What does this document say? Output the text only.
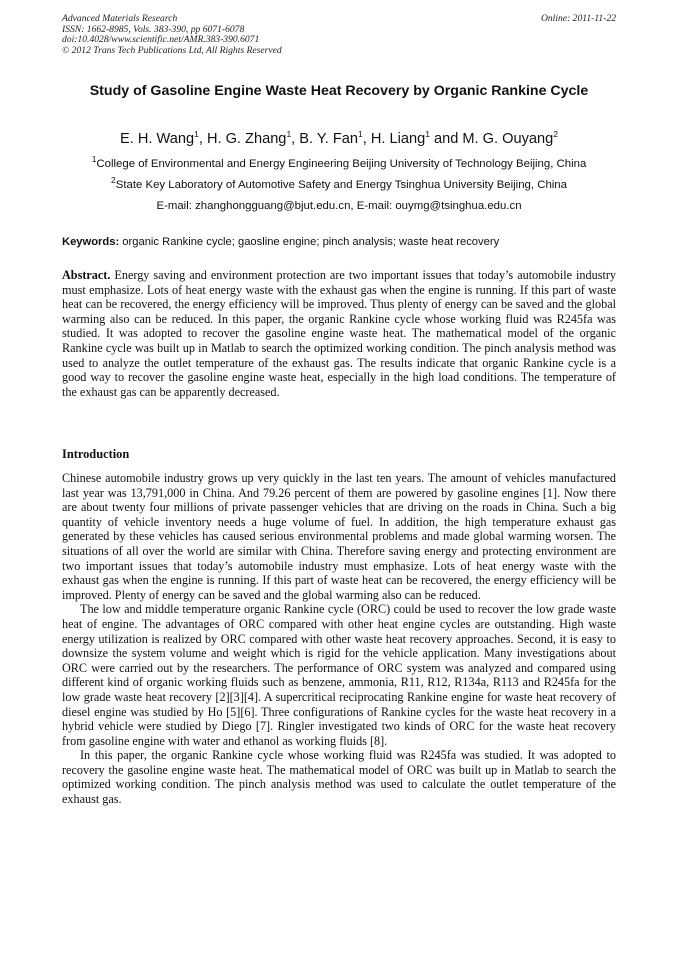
Advanced Materials Research	Online: 2011-11-22
ISSN: 1662-8985, Vols. 383-390, pp 6071-6078
doi:10.4028/www.scientific.net/AMR.383-390.6071
© 2012 Trans Tech Publications Ltd, All Rights Reserved
Study of Gasoline Engine Waste Heat Recovery by Organic Rankine Cycle
E. H. Wang$^1$, H. G. Zhang$^1$, B. Y. Fan$^1$, H. Liang$^1$ and M. G. Ouyang$^2$
$^1$College of Environmental and Energy Engineering Beijing University of Technology Beijing, China
$^2$State Key Laboratory of Automotive Safety and Energy Tsinghua University Beijing, China
E-mail: zhanghongguang@bjut.edu.cn, E-mail: ouymg@tsinghua.edu.cn
Keywords: organic Rankine cycle; gaosline engine; pinch analysis; waste heat recovery
Abstract. Energy saving and environment protection are two important issues that today’s automobile industry must emphasize. Lots of heat energy waste with the exhaust gas when the engine is running. If this part of waste heat can be recovered, the energy efficiency will be improved. Thus plenty of energy can be saved and the global warming also can be reduced. In this paper, the organic Rankine cycle whose working fluid was R245fa was studied. It was adopted to recover the gasoline engine waste heat. The mathematical model of the organic Rankine cycle was built up in Matlab to search the optimized working condition. The pinch analysis method was used to analyze the outlet temperature of the exhaust gas. The results indicate that organic Rankine cycle is a good way to recover the gasoline engine waste heat, especially in the high load conditions. The temperature of the exhaust gas can be apparently decreased.
Introduction

Chinese automobile industry grows up very quickly in the last ten years. The amount of vehicles manufactured last year was 13,791,000 in China. And 79.26 percent of them are powered by gasoline engines [1]. Now there are about twenty four millions of private passenger vehicles that are driving on the roads in China. Such a big quantity of vehicle inventory needs a huge volume of fuel. In addition, the high temperature exhaust gas generated by these vehicles has caused serious environmental problems and made global warming worsen. The situations of all over the world are similar with China. Therefore saving energy and protecting environment are two important issues that today’s automobile industry must emphasize. Lots of heat energy waste with the exhaust gas when the engine is running. If this part of waste heat can be recovered, the energy efficiency will be improved. Plenty of energy can be saved and the global warming also can be reduced.

The low and middle temperature organic Rankine cycle (ORC) could be used to recover the low grade waste heat of engine. The advantages of ORC compared with other heat engine cycles are outstanding. High waste energy utilization is realized by ORC compared with other waste heat recovery approaches. Second, it is easy to downsize the system volume and weight which is rigid for the vehicle application. Many investigations about ORC were carried out by the researchers. The performance of ORC system was analyzed and compared using different kind of organic working fluids such as benzene, ammonia, R11, R12, R134a, R113 and R245fa for the low grade waste heat recovery [2][3][4]. A supercritical reciprocating Rankine engine for waste heat recovery of diesel engine was studied by Ho [5][6]. Three configurations of Rankine cycles for the waste heat recovery in a hybrid vehicle were studied by Diego [7]. Ringler investigated two kinds of ORC for the waste heat recovery from gasoline engine with water and ethanol as working fluids [8].

In this paper, the organic Rankine cycle whose working fluid was R245fa was studied. It was adopted to recovery the gasoline engine waste heat. The mathematical model of ORC was built up in Matlab to search the optimized working condition. The pinch analysis method was used to calculate the outlet temperature of the exhaust gas.
